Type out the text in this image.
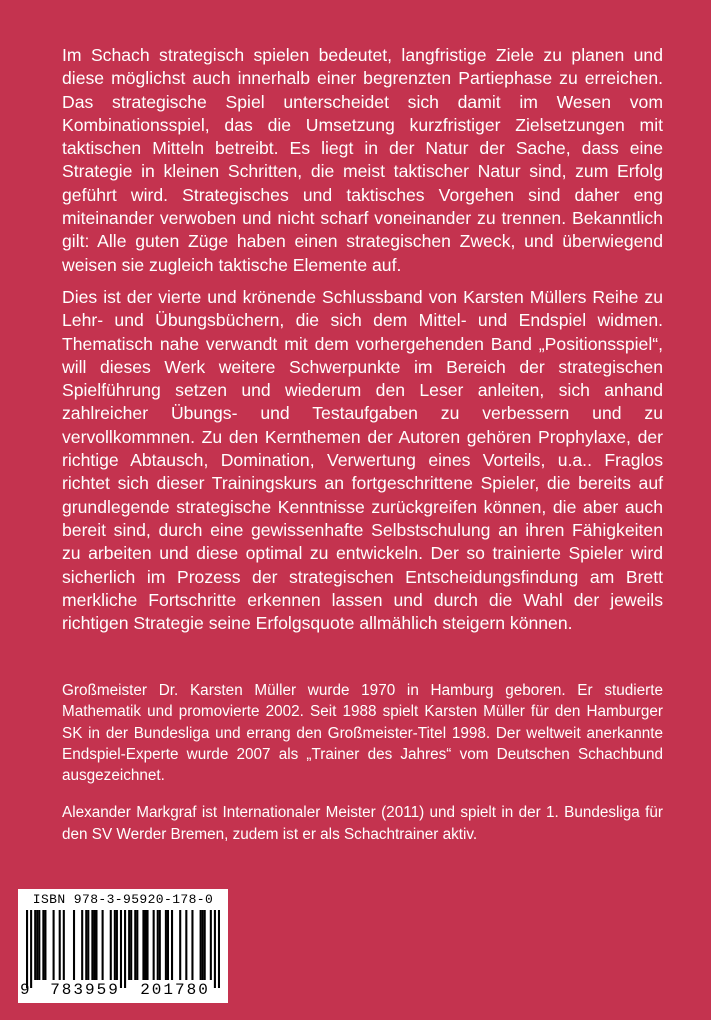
Im Schach strategisch spielen bedeutet, langfristige Ziele zu planen und diese möglichst auch innerhalb einer begrenzten Partiephase zu erreichen. Das strategische Spiel unterscheidet sich damit im Wesen vom Kombinationsspiel, das die Umsetzung kurzfristiger Zielsetzungen mit taktischen Mitteln betreibt. Es liegt in der Natur der Sache, dass eine Strategie in kleinen Schritten, die meist taktischer Natur sind, zum Erfolg geführt wird. Strategisches und taktisches Vorgehen sind daher eng miteinander verwoben und nicht scharf voneinander zu trennen. Bekanntlich gilt: Alle guten Züge haben einen strategischen Zweck, und überwiegend weisen sie zugleich taktische Elemente auf.

Dies ist der vierte und krönende Schlussband von Karsten Müllers Reihe zu Lehr- und Übungsbüchern, die sich dem Mittel- und Endspiel widmen. Thematisch nahe verwandt mit dem vorhergehenden Band „Positionsspiel“, will dieses Werk weitere Schwerpunkte im Bereich der strategischen Spielführung setzen und wiederum den Leser anleiten, sich anhand zahlreicher Übungs- und Testaufgaben zu verbessern und zu vervollkommnen. Zu den Kernthemen der Autoren gehören Prophylaxe, der richtige Abtausch, Domination, Verwertung eines Vorteils, u.a.. Fraglos richtet sich dieser Trainingskurs an fortgeschrittene Spieler, die bereits auf grundlegende strategische Kenntnisse zurückgreifen können, die aber auch bereit sind, durch eine gewissenhafte Selbstschulung an ihren Fähigkeiten zu arbeiten und diese optimal zu entwickeln. Der so trainierte Spieler wird sicherlich im Prozess der strategischen Entscheidungsfindung am Brett merkliche Fortschritte erkennen lassen und durch die Wahl der jeweils richtigen Strategie seine Erfolgsquote allmählich steigern können.

Großmeister Dr. Karsten Müller wurde 1970 in Hamburg geboren. Er studierte Mathematik und promovierte 2002. Seit 1988 spielt Karsten Müller für den Hamburger SK in der Bundesliga und errang den Großmeister-Titel 1998. Der weltweit anerkannte Endspiel-Experte wurde 2007 als „Trainer des Jahres“ vom Deutschen Schachbund ausgezeichnet.

Alexander Markgraf ist Internationaler Meister (2011) und spielt in der 1. Bundesliga für den SV Werder Bremen, zudem ist er als Schachtrainer aktiv.

ISBN 978-3-95920-178-0
9	783959	201780
